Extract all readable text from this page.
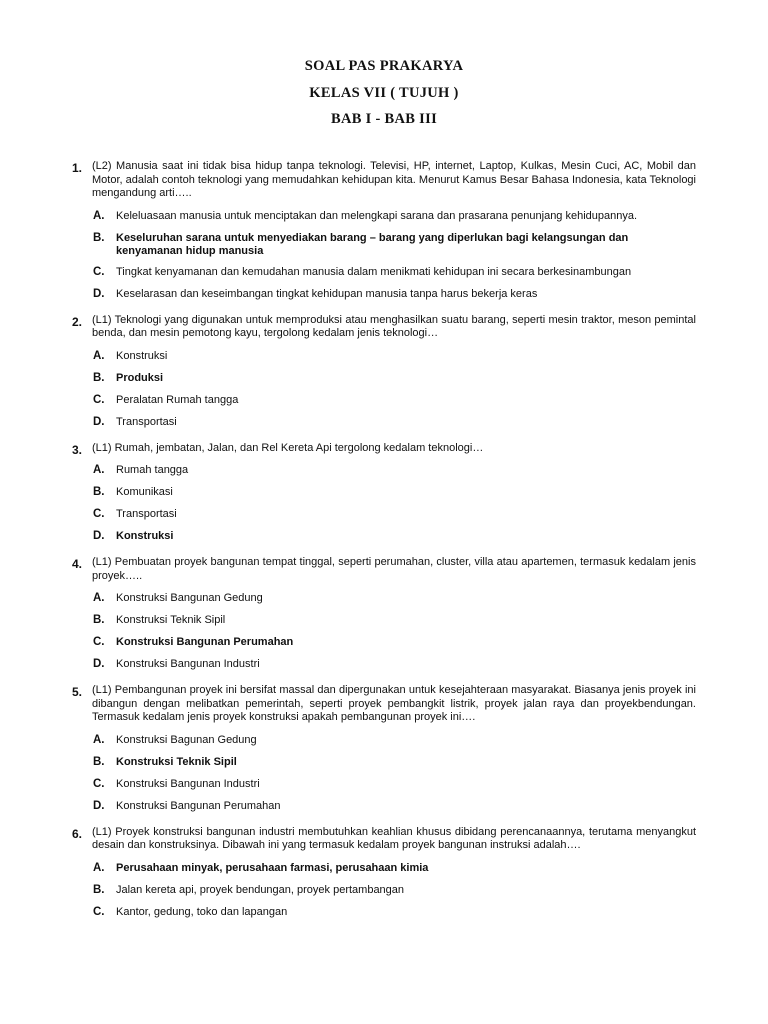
SOAL PAS PRAKARYA
KELAS VII ( TUJUH )
BAB I - BAB III
1. (L2) Manusia saat ini tidak bisa hidup tanpa teknologi. Televisi, HP, internet, Laptop, Kulkas, Mesin Cuci, AC, Mobil dan Motor, adalah contoh teknologi yang memudahkan kehidupan kita. Menurut Kamus Besar Bahasa Indonesia, kata Teknologi mengandung arti…..
A. Keleluasaan manusia untuk menciptakan dan melengkapi sarana dan prasarana penunjang kehidupannya.
B. Keseluruhan sarana untuk menyediakan barang – barang yang diperlukan bagi kelangsungan dan kenyamanan hidup manusia
C. Tingkat kenyamanan dan kemudahan manusia dalam menikmati kehidupan ini secara berkesinambungan
D. Keselarasan dan keseimbangan tingkat kehidupan manusia tanpa harus bekerja keras
2. (L1) Teknologi yang digunakan untuk memproduksi atau menghasilkan suatu barang, seperti mesin traktor, meson pemintal benda, dan mesin pemotong kayu, tergolong kedalam jenis teknologi…
A. Konstruksi
B. Produksi
C. Peralatan Rumah tangga
D. Transportasi
3. (L1) Rumah, jembatan, Jalan, dan Rel Kereta Api tergolong kedalam teknologi…
A. Rumah tangga
B. Komunikasi
C. Transportasi
D. Konstruksi
4. (L1) Pembuatan proyek bangunan tempat tinggal, seperti perumahan, cluster, villa atau apartemen, termasuk kedalam jenis proyek…..
A. Konstruksi Bangunan Gedung
B. Konstruksi Teknik Sipil
C. Konstruksi Bangunan Perumahan
D. Konstruksi Bangunan Industri
5. (L1) Pembangunan proyek ini bersifat massal dan dipergunakan untuk kesejahteraan masyarakat. Biasanya jenis proyek ini dibangun dengan melibatkan pemerintah, seperti proyek pembangkit listrik, proyek jalan raya dan proyekbendungan. Termasuk kedalam jenis proyek konstruksi apakah pembangunan proyek ini….
A. Konstruksi Bagunan Gedung
B. Konstruksi Teknik Sipil
C. Konstruksi Bangunan Industri
D. Konstruksi Bangunan Perumahan
6. (L1) Proyek konstruksi bangunan industri membutuhkan keahlian khusus dibidang perencanaannya, terutama menyangkut desain dan konstruksinya. Dibawah ini yang termasuk kedalam proyek bangunan instruksi adalah….
A. Perusahaan minyak, perusahaan farmasi, perusahaan kimia
B. Jalan kereta api, proyek bendungan, proyek pertambangan
C. Kantor, gedung, toko dan lapangan
